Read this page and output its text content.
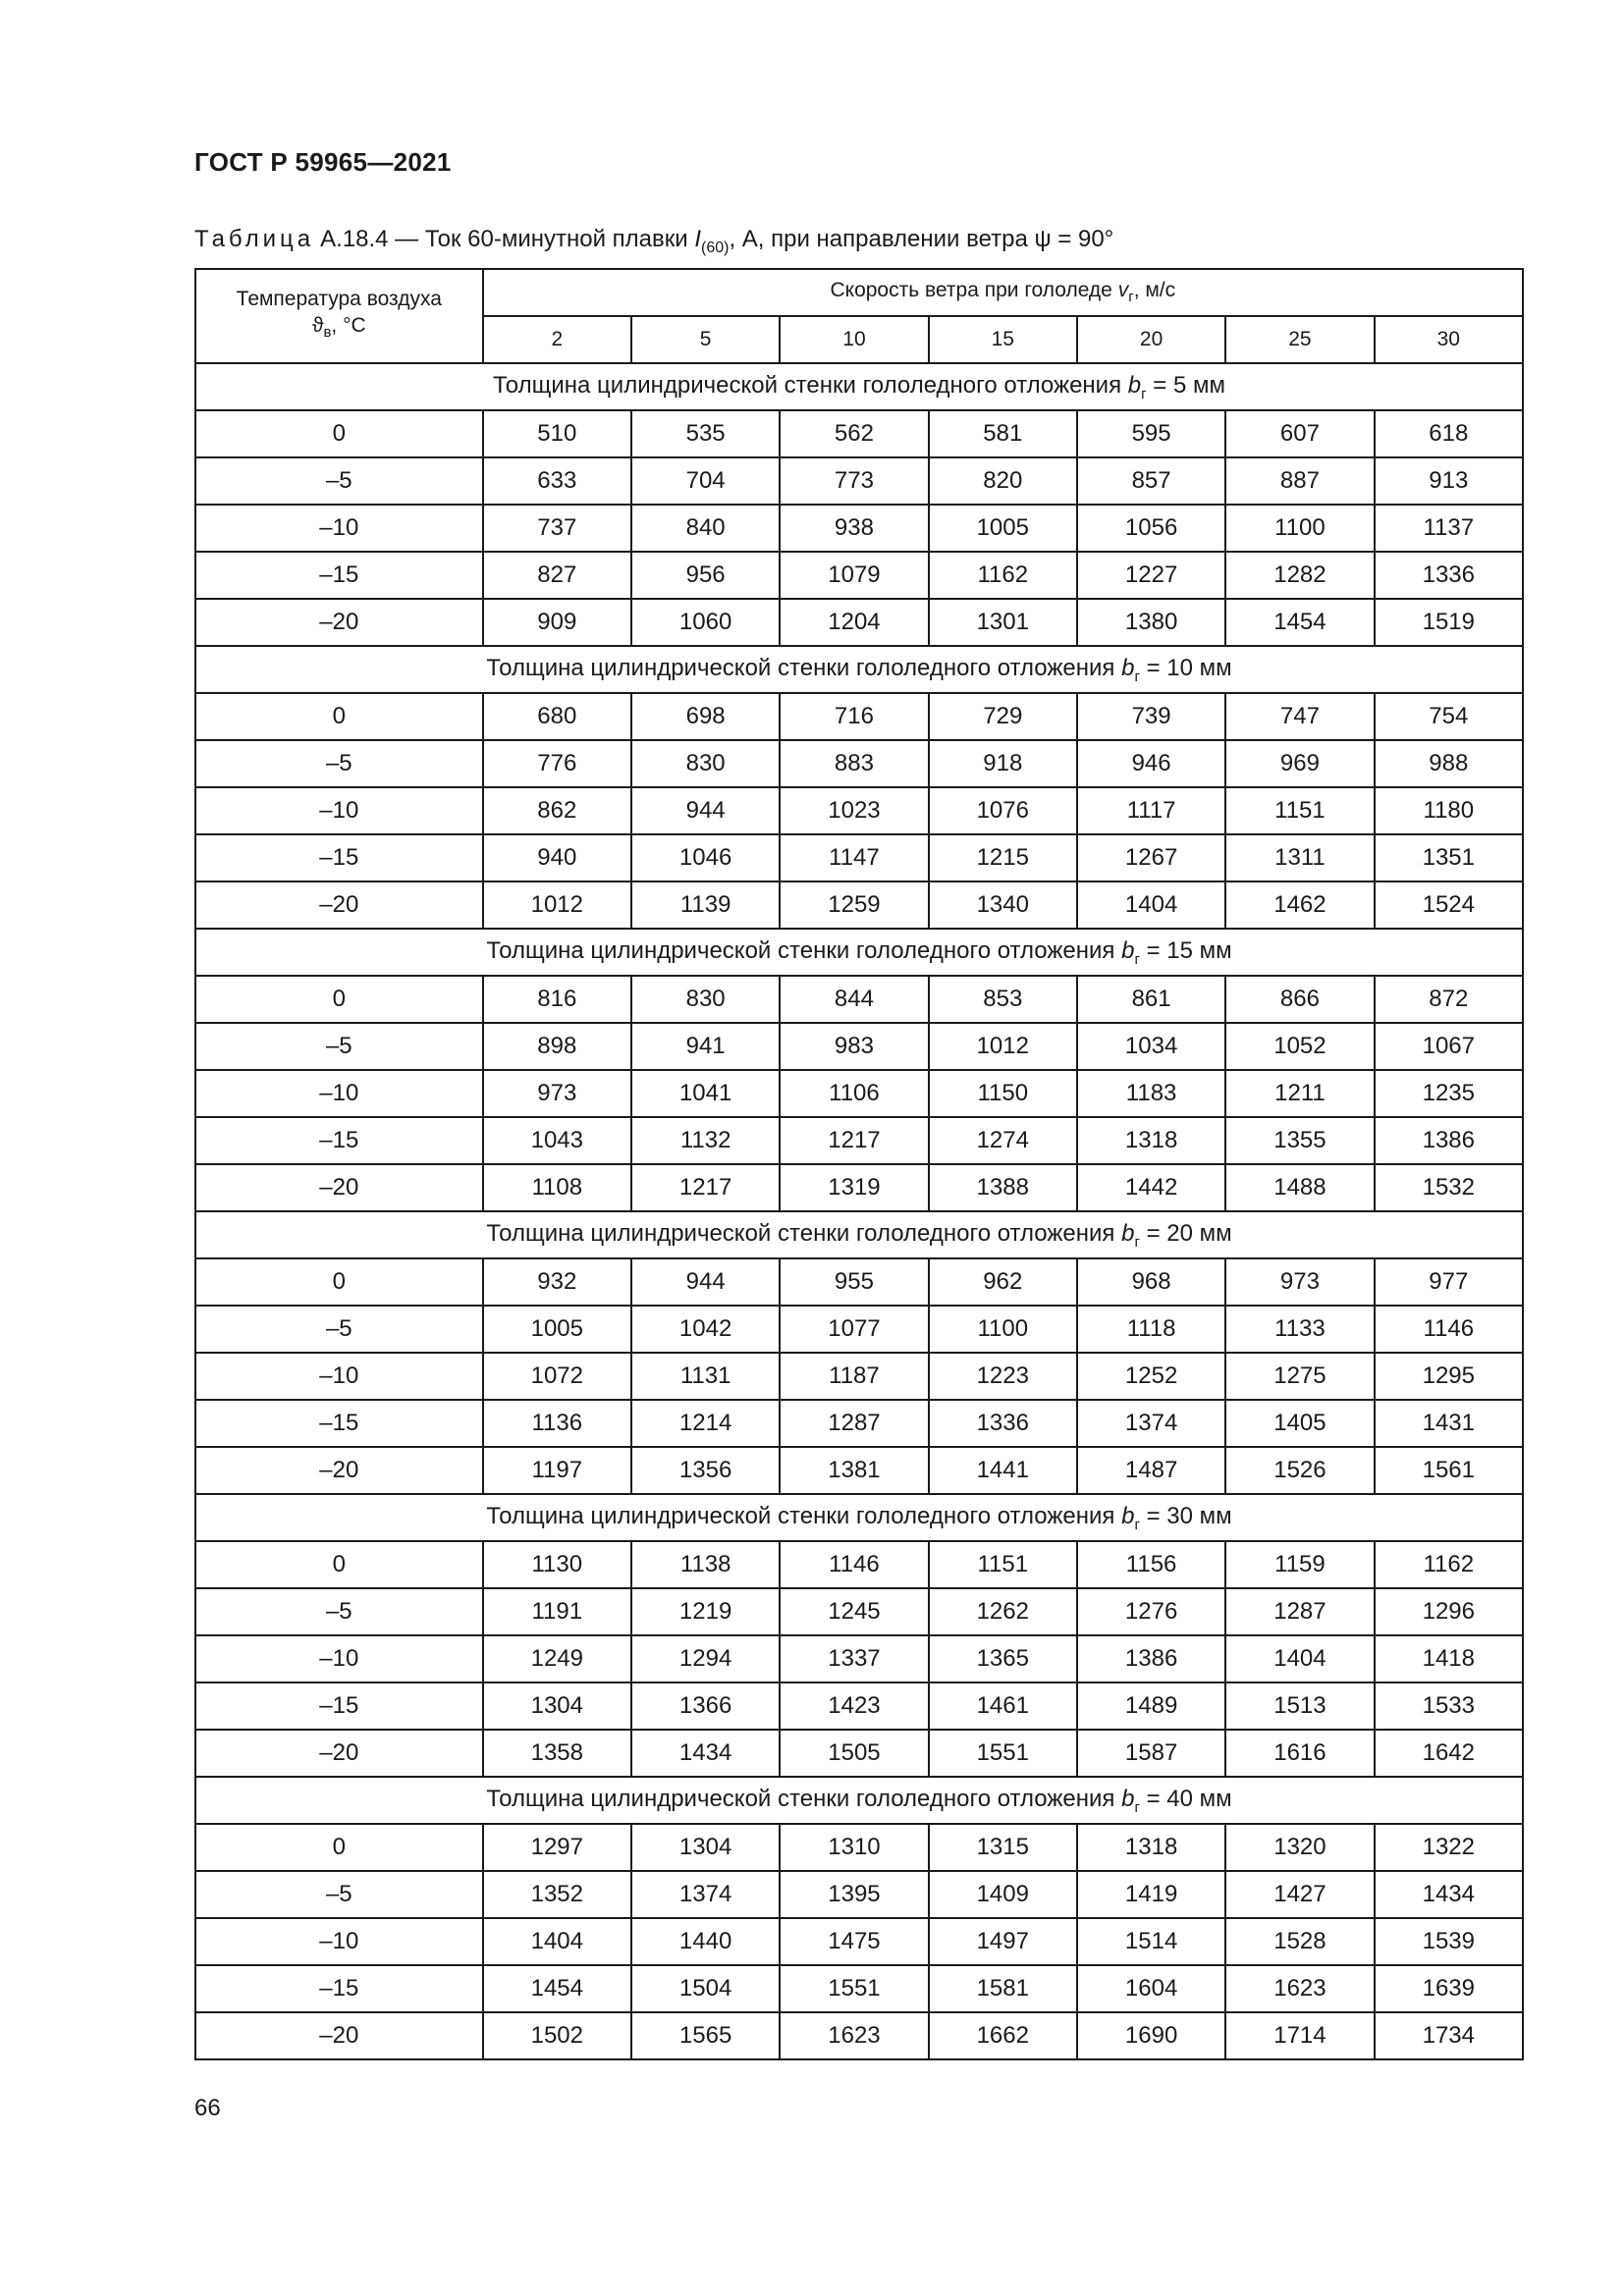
ГОСТ Р 59965—2021
Таблица А.18.4 — Ток 60-минутной плавки $I_{(60)}$, А, при направлении ветра ψ = 90°
Температура воздуха
$ϑ_в$, °C	Скорость ветра при гололеде $v_г$, м/с						
	2	5	10	15	20	25	30
Толщина цилиндрической стенки гололедного отложения $b_г = 5$ мм							
0	510	535	562	581	595	607	618
–5	633	704	773	820	857	887	913
–10	737	840	938	1005	1056	1100	1137
–15	827	956	1079	1162	1227	1282	1336
–20	909	1060	1204	1301	1380	1454	1519
Толщина цилиндрической стенки гололедного отложения $b_г = 10$ мм							
0	680	698	716	729	739	747	754
–5	776	830	883	918	946	969	988
–10	862	944	1023	1076	1117	1151	1180
–15	940	1046	1147	1215	1267	1311	1351
–20	1012	1139	1259	1340	1404	1462	1524
Толщина цилиндрической стенки гололедного отложения $b_г = 15$ мм							
0	816	830	844	853	861	866	872
–5	898	941	983	1012	1034	1052	1067
–10	973	1041	1106	1150	1183	1211	1235
–15	1043	1132	1217	1274	1318	1355	1386
–20	1108	1217	1319	1388	1442	1488	1532
Толщина цилиндрической стенки гололедного отложения $b_г = 20$ мм							
0	932	944	955	962	968	973	977
–5	1005	1042	1077	1100	1118	1133	1146
–10	1072	1131	1187	1223	1252	1275	1295
–15	1136	1214	1287	1336	1374	1405	1431
–20	1197	1356	1381	1441	1487	1526	1561
Толщина цилиндрической стенки гололедного отложения $b_г = 30$ мм							
0	1130	1138	1146	1151	1156	1159	1162
–5	1191	1219	1245	1262	1276	1287	1296
–10	1249	1294	1337	1365	1386	1404	1418
–15	1304	1366	1423	1461	1489	1513	1533
–20	1358	1434	1505	1551	1587	1616	1642
Толщина цилиндрической стенки гололедного отложения $b_г = 40$ мм							
0	1297	1304	1310	1315	1318	1320	1322
–5	1352	1374	1395	1409	1419	1427	1434
–10	1404	1440	1475	1497	1514	1528	1539
–15	1454	1504	1551	1581	1604	1623	1639
–20	1502	1565	1623	1662	1690	1714	1734
66
